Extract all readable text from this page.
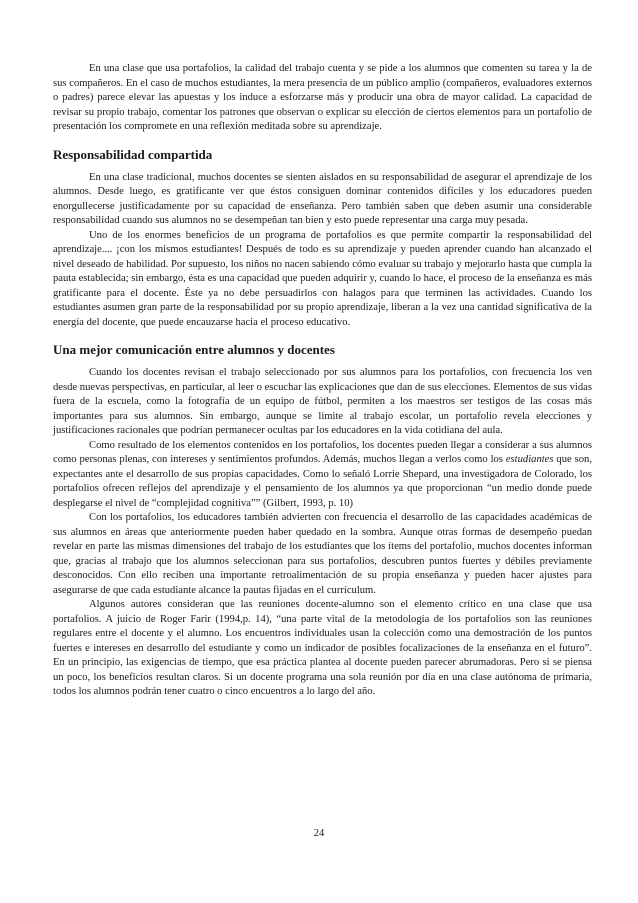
En una clase que usa portafolios, la calidad del trabajo cuenta y se pide a los alumnos que comenten su tarea y la de sus compañeros. En el caso de muchos estudiantes, la mera presencia de un público amplio (compañeros, evaluadores externos o padres) parece elevar las apuestas y los induce a esforzarse más y producir una obra de mayor calidad. La capacidad de revisar su propio trabajo, comentar los patrones que observan o explicar su elección de ciertos elementos para un portafolio de presentación los compromete en una reflexión meditada sobre su aprendizaje.

Responsabilidad compartida

En una clase tradicional, muchos docentes se sienten aislados en su responsabilidad de asegurar el aprendizaje de los alumnos. Desde luego, es gratificante ver que éstos consiguen dominar contenidos difíciles y los educadores pueden enorgullecerse justificadamente por su capacidad de enseñanza. Pero también saben que deben asumir una considerable responsabilidad cuando sus alumnos no se desempeñan tan bien y esto puede representar una carga muy pesada.

Uno de los enormes beneficios de un programa de portafolios es que permite compartir la responsabilidad del aprendizaje.... ¡con los mismos estudiantes! Después de todo es su aprendizaje y pueden aprender cuando han alcanzado el nivel deseado de habilidad. Por supuesto, los niños no nacen sabiendo cómo evaluar su trabajo y mejorarlo hasta que cumpla la pauta establecida; sin embargo, ésta es una capacidad que pueden adquirir y, cuando lo hace, el proceso de la enseñanza es más gratificante para el docente. Éste ya no debe persuadirlos con halagos para que terminen las actividades. Cuando los estudiantes asumen gran parte de la responsabilidad por su propio aprendizaje, liberan a la vez una cantidad significativa de la energía del docente, que puede encauzarse hacia el proceso educativo.

Una mejor comunicación entre alumnos y docentes

Cuando los docentes revisan el trabajo seleccionado por sus alumnos para los portafolios, con frecuencia los ven desde nuevas perspectivas, en particular, al leer o escuchar las explicaciones que dan de sus elecciones. Elementos de sus vidas fuera de la escuela, como la fotografía de un equipo de fútbol, permiten a los maestros ser testigos de las cosas más importantes para sus alumnos. Sin embargo, aunque se limite al trabajo escolar, un portafolio revela elecciones y justificaciones racionales que podrían permanecer ocultas par los educadores en la vida cotidiana del aula.

Como resultado de los elementos contenidos en los portafolios, los docentes pueden llegar a considerar a sus alumnos como personas plenas, con intereses y sentimientos profundos. Además, muchos llegan a verlos como los estudiantes que son, expectantes ante el desarrollo de sus propias capacidades. Como lo señaló Lorrie Shepard, una investigadora de Colorado, los portafolios ofrecen reflejos del aprendizaje y el pensamiento de los alumnos ya que proporcionan “un medio donde puede desplegarse el nivel de “complejidad cognitiva”” (Gilbert, 1993, p. 10)

Con los portafolios, los educadores también advierten con frecuencia el desarrollo de las capacidades académicas de sus alumnos en áreas que anteriormente pueden haber quedado en la sombra. Aunque otras formas de desempeño puedan revelar en parte las mismas dimensiones del trabajo de los estudiantes que los ítems del portafolio, muchos docentes informan que, gracias al trabajo que los alumnos seleccionan para sus portafolios, descubren puntos fuertes y débiles previamente desconocidos. Con ello reciben una importante retroalimentación de su propia enseñanza y pueden hacer ajustes para asegurarse de que cada estudiante alcance la pautas fijadas en el currículum.

Algunos autores consideran que las reuniones docente-alumno son el elemento crítico en una clase que usa portafolios. A juicio de Roger Farir (1994,p. 14), “una parte vital de la metodología de los portafolios son las reuniones regulares entre el docente y el alumno. Los encuentros individuales usan la colección como una demostración de los puntos fuertes e intereses en desarrollo del estudiante y como un indicador de posibles focalizaciones de la enseñanza en el futuro”. En un principio, las exigencias de tiempo, que esa práctica plantea al docente pueden parecer abrumadoras. Pero si se piensa un poco, los beneficios resultan claros. Si un docente programa una sola reunión por día en una clase autónoma de primaria, todos los alumnos podrán tener cuatro o cinco encuentros a lo largo del año.

24
